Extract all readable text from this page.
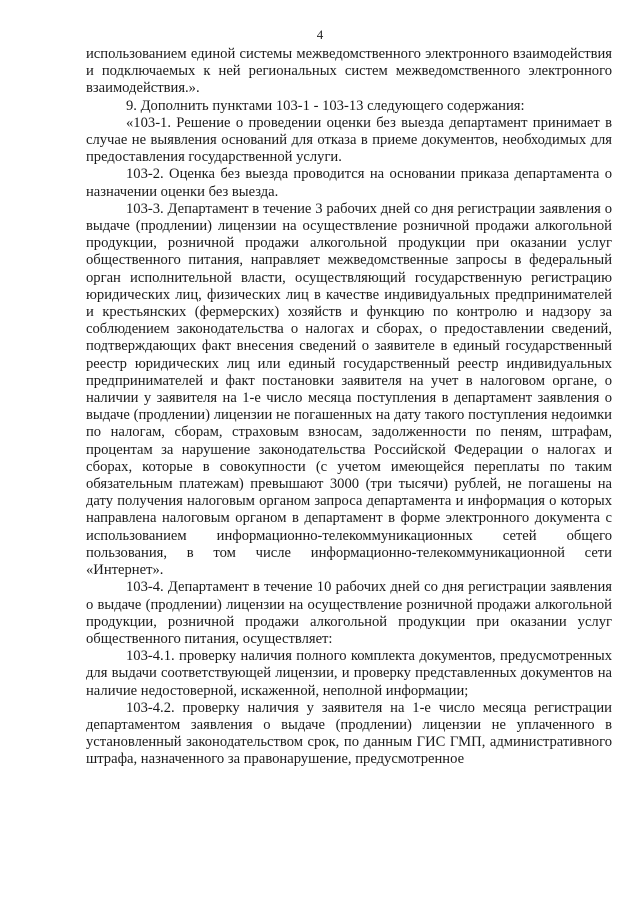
4

использованием единой системы межведомственного электронного взаимодействия и подключаемых к ней региональных систем межведомственного электронного взаимодействия.».

9. Дополнить пунктами 103-1 - 103-13 следующего содержания:

«103-1. Решение о проведении оценки без выезда департамент принимает в случае не выявления оснований для отказа в приеме документов, необходимых для предоставления государственной услуги.

103-2. Оценка без выезда проводится на основании приказа департамента о назначении оценки без выезда.

103-3. Департамент в течение 3 рабочих дней со дня регистрации заявления о выдаче (продлении) лицензии на осуществление розничной продажи алкогольной продукции, розничной продажи алкогольной продукции при оказании услуг общественного питания, направляет межведомственные запросы в федеральный орган исполнительной власти, осуществляющий государственную регистрацию юридических лиц, физических лиц в качестве индивидуальных предпринимателей и крестьянских (фермерских) хозяйств и функцию по контролю и надзору за соблюдением законодательства о налогах и сборах, о предоставлении сведений, подтверждающих факт внесения сведений о заявителе в единый государственный реестр юридических лиц или единый государственный реестр индивидуальных предпринимателей и факт постановки заявителя на учет в налоговом органе, о наличии у заявителя на 1-е число месяца поступления в департамент заявления о выдаче (продлении) лицензии не погашенных на дату такого поступления недоимки по налогам, сборам, страховым взносам, задолженности по пеням, штрафам, процентам за нарушение законодательства Российской Федерации о налогах и сборах, которые в совокупности (с учетом имеющейся переплаты по таким обязательным платежам) превышают 3000 (три тысячи) рублей, не погашены на дату получения налоговым органом запроса департамента и информация о которых направлена налоговым органом в департамент в форме электронного документа с использованием информационно-телекоммуникационных сетей общего пользования, в том числе информационно-телекоммуникационной сети «Интернет».

103-4. Департамент в течение 10 рабочих дней со дня регистрации заявления о выдаче (продлении) лицензии на осуществление розничной продажи алкогольной продукции, розничной продажи алкогольной продукции при оказании услуг общественного питания, осуществляет:

103-4.1. проверку наличия полного комплекта документов, предусмотренных для выдачи соответствующей лицензии, и проверку представленных документов на наличие недостоверной, искаженной, неполной информации;

103-4.2. проверку наличия у заявителя на 1-е число месяца регистрации департаментом заявления о выдаче (продлении) лицензии не уплаченного в установленный законодательством срок, по данным ГИС ГМП, административного штрафа, назначенного за правонарушение, предусмотренное
